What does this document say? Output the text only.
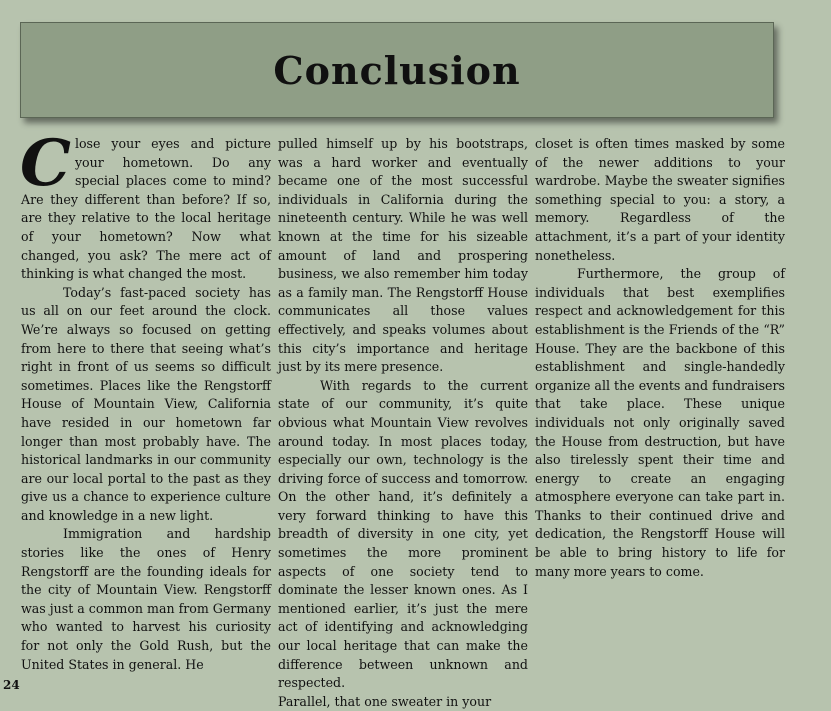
Conclusion

Close your eyes and picture your hometown. Do any special places come to mind? Are they different than before? If so, are they relative to the local heritage of your hometown? Now what changed, you ask? The mere act of thinking is what changed the most.

Today’s fast-paced society has us all on our feet around the clock. We’re always so focused on getting from here to there that seeing what’s right in front of us seems so difficult sometimes. Places like the Rengstorff House of Mountain View, California have resided in our hometown far longer than most probably have. The historical landmarks in our community are our local portal to the past as they give us a chance to experience culture and knowledge in a new light.

Immigration and hardship stories like the ones of Henry Rengstorff are the founding ideals for the city of Mountain View. Rengstorff was just a common man from Germany who wanted to harvest his curiosity for not only the Gold Rush, but the United States in general. He

pulled himself up by his bootstraps, was a hard worker and eventually became one of the most successful individuals in California during the nineteenth century. While he was well known at the time for his sizeable amount of land and prospering business, we also remember him today as a family man. The Rengstorff House communicates all those values effectively, and speaks volumes about this city’s importance and heritage just by its mere presence.

With regards to the current state of our community, it’s quite obvious what Mountain View revolves around today. In most places today, especially our own, technology is the driving force of success and tomorrow. On the other hand, it’s definitely a very forward thinking to have this breadth of diversity in one city, yet sometimes the more prominent aspects of one society tend to dominate the lesser known ones. As I mentioned earlier, it’s just the mere act of identifying and acknowledging our local heritage that can make the difference between unknown and respected.

Parallel, that one sweater in your

closet is often times masked by some of the newer additions to your wardrobe. Maybe the sweater signifies something special to you: a story, a memory. Regardless of the attachment, it’s a part of your identity nonetheless.

Furthermore, the group of individuals that best exemplifies respect and acknowledgement for this establishment is the Friends of the “R” House. They are the backbone of this establishment and single-handedly organize all the events and fundraisers that take place. These unique individuals not only originally saved the House from destruction, but have also tirelessly spent their time and energy to create an engaging atmosphere everyone can take part in. Thanks to their continued drive and dedication, the Rengstorff House will be able to bring history to life for many more years to come.

24
